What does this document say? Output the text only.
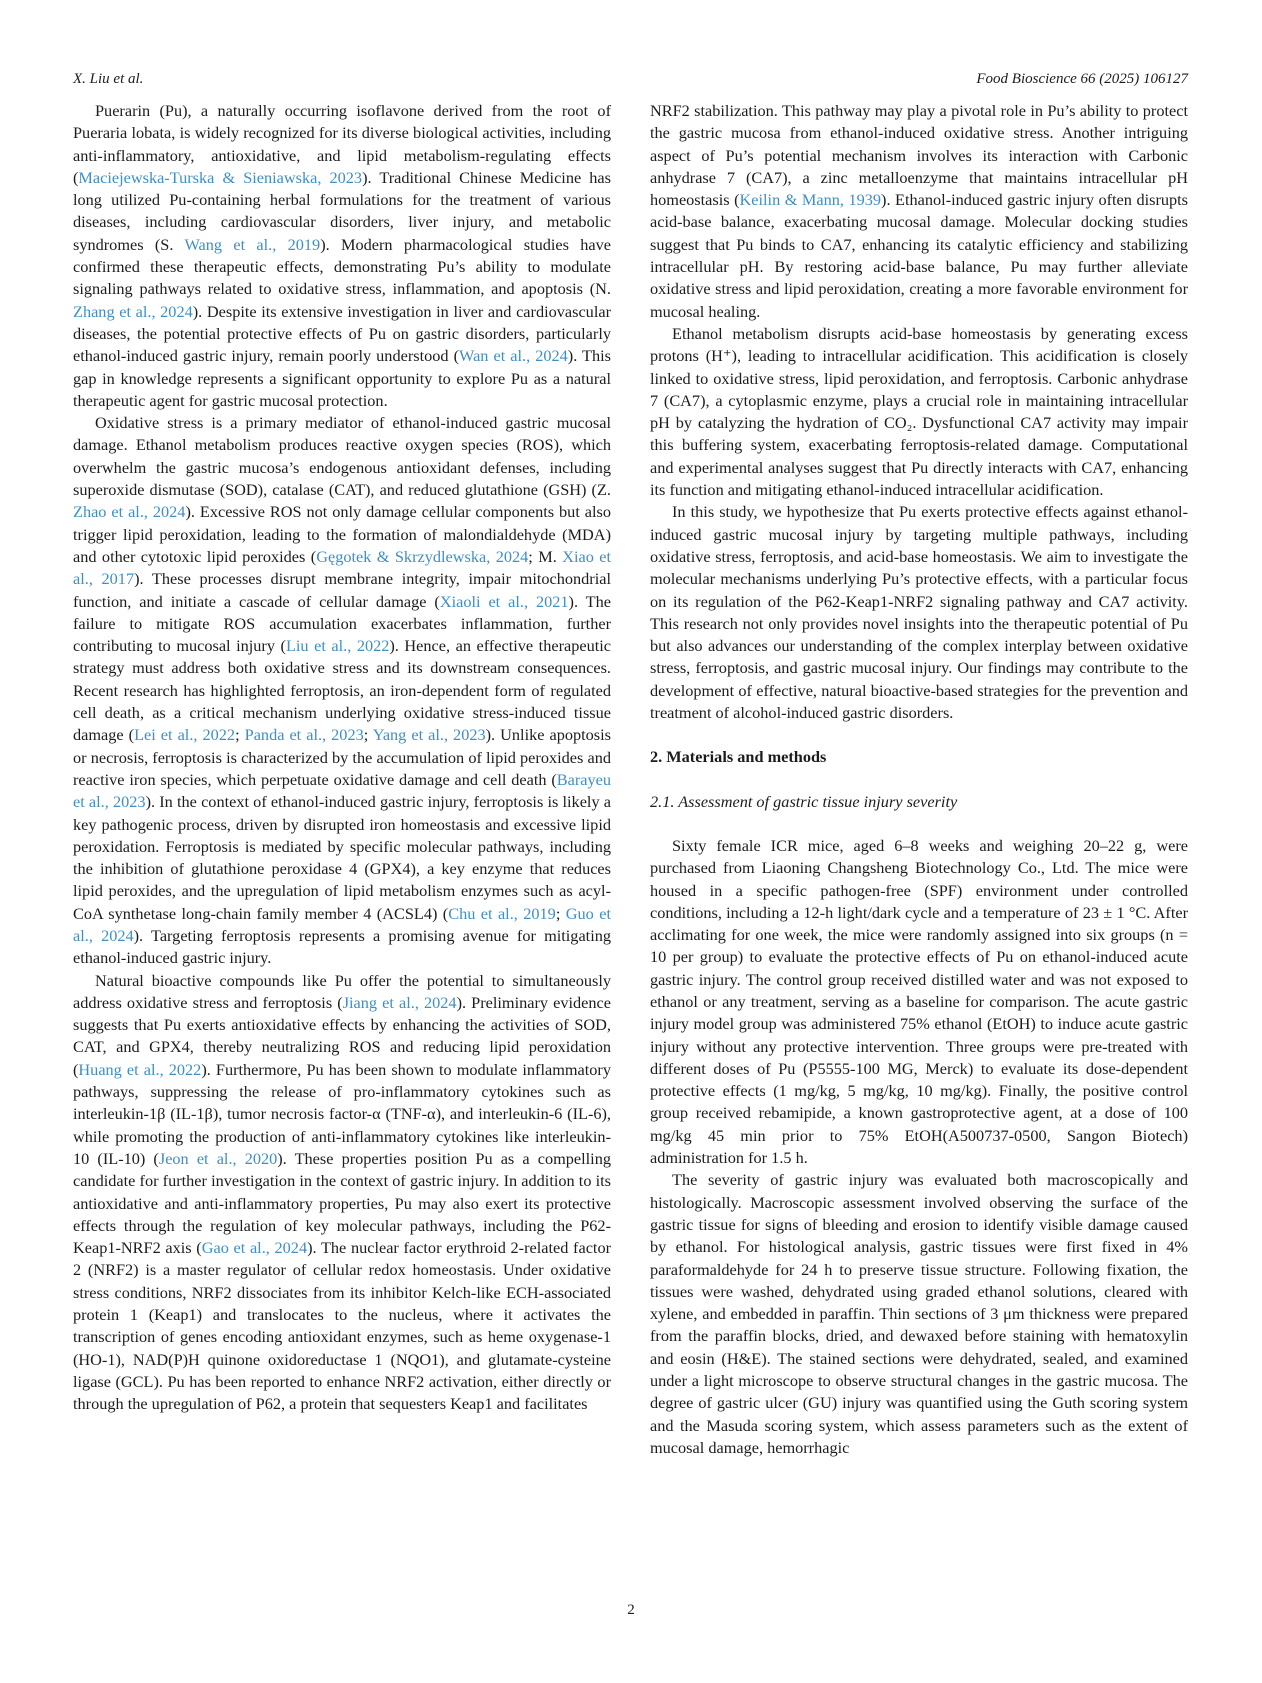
X. Liu et al.	Food Bioscience 66 (2025) 106127

Puerarin (Pu), a naturally occurring isoflavone derived from the root of Pueraria lobata, is widely recognized for its diverse biological activities, including anti-inflammatory, antioxidative, and lipid metabolism-regulating effects (Maciejewska-Turska & Sieniawska, 2023). Traditional Chinese Medicine has long utilized Pu-containing herbal formulations for the treatment of various diseases, including cardiovascular disorders, liver injury, and metabolic syndromes (S. Wang et al., 2019). Modern pharmacological studies have confirmed these therapeutic effects, demonstrating Pu’s ability to modulate signaling pathways related to oxidative stress, inflammation, and apoptosis (N. Zhang et al., 2024). Despite its extensive investigation in liver and cardiovascular diseases, the potential protective effects of Pu on gastric disorders, particularly ethanol-induced gastric injury, remain poorly understood (Wan et al., 2024). This gap in knowledge represents a significant opportunity to explore Pu as a natural therapeutic agent for gastric mucosal protection.

Oxidative stress is a primary mediator of ethanol-induced gastric mucosal damage. Ethanol metabolism produces reactive oxygen species (ROS), which overwhelm the gastric mucosa’s endogenous antioxidant defenses, including superoxide dismutase (SOD), catalase (CAT), and reduced glutathione (GSH) (Z. Zhao et al., 2024). Excessive ROS not only damage cellular components but also trigger lipid peroxidation, leading to the formation of malondialdehyde (MDA) and other cytotoxic lipid peroxides (Gęgotek & Skrzydlewska, 2024; M. Xiao et al., 2017). These processes disrupt membrane integrity, impair mitochondrial function, and initiate a cascade of cellular damage (Xiaoli et al., 2021). The failure to mitigate ROS accumulation exacerbates inflammation, further contributing to mucosal injury (Liu et al., 2022). Hence, an effective therapeutic strategy must address both oxidative stress and its downstream consequences. Recent research has highlighted ferroptosis, an iron-dependent form of regulated cell death, as a critical mechanism underlying oxidative stress-induced tissue damage (Lei et al., 2022; Panda et al., 2023; Yang et al., 2023). Unlike apoptosis or necrosis, ferroptosis is characterized by the accumulation of lipid peroxides and reactive iron species, which perpetuate oxidative damage and cell death (Barayeu et al., 2023). In the context of ethanol-induced gastric injury, ferroptosis is likely a key pathogenic process, driven by disrupted iron homeostasis and excessive lipid peroxidation. Ferroptosis is mediated by specific molecular pathways, including the inhibition of glutathione peroxidase 4 (GPX4), a key enzyme that reduces lipid peroxides, and the upregulation of lipid metabolism enzymes such as acyl-CoA synthetase long-chain family member 4 (ACSL4) (Chu et al., 2019; Guo et al., 2024). Targeting ferroptosis represents a promising avenue for mitigating ethanol-induced gastric injury.

Natural bioactive compounds like Pu offer the potential to simultaneously address oxidative stress and ferroptosis (Jiang et al., 2024). Preliminary evidence suggests that Pu exerts antioxidative effects by enhancing the activities of SOD, CAT, and GPX4, thereby neutralizing ROS and reducing lipid peroxidation (Huang et al., 2022). Furthermore, Pu has been shown to modulate inflammatory pathways, suppressing the release of pro-inflammatory cytokines such as interleukin-1β (IL-1β), tumor necrosis factor-α (TNF-α), and interleukin-6 (IL-6), while promoting the production of anti-inflammatory cytokines like interleukin-10 (IL-10) (Jeon et al., 2020). These properties position Pu as a compelling candidate for further investigation in the context of gastric injury. In addition to its antioxidative and anti-inflammatory properties, Pu may also exert its protective effects through the regulation of key molecular pathways, including the P62-Keap1-NRF2 axis (Gao et al., 2024). The nuclear factor erythroid 2-related factor 2 (NRF2) is a master regulator of cellular redox homeostasis. Under oxidative stress conditions, NRF2 dissociates from its inhibitor Kelch-like ECH-associated protein 1 (Keap1) and translocates to the nucleus, where it activates the transcription of genes encoding antioxidant enzymes, such as heme oxygenase-1 (HO-1), NAD(P)H quinone oxidoreductase 1 (NQO1), and glutamate-cysteine ligase (GCL). Pu has been reported to enhance NRF2 activation, either directly or through the upregulation of P62, a protein that sequesters Keap1 and facilitates

NRF2 stabilization. This pathway may play a pivotal role in Pu’s ability to protect the gastric mucosa from ethanol-induced oxidative stress. Another intriguing aspect of Pu’s potential mechanism involves its interaction with Carbonic anhydrase 7 (CA7), a zinc metalloenzyme that maintains intracellular pH homeostasis (Keilin & Mann, 1939). Ethanol-induced gastric injury often disrupts acid-base balance, exacerbating mucosal damage. Molecular docking studies suggest that Pu binds to CA7, enhancing its catalytic efficiency and stabilizing intracellular pH. By restoring acid-base balance, Pu may further alleviate oxidative stress and lipid peroxidation, creating a more favorable environment for mucosal healing.

Ethanol metabolism disrupts acid-base homeostasis by generating excess protons (H⁺), leading to intracellular acidification. This acidification is closely linked to oxidative stress, lipid peroxidation, and ferroptosis. Carbonic anhydrase 7 (CA7), a cytoplasmic enzyme, plays a crucial role in maintaining intracellular pH by catalyzing the hydration of CO₂. Dysfunctional CA7 activity may impair this buffering system, exacerbating ferroptosis-related damage. Computational and experimental analyses suggest that Pu directly interacts with CA7, enhancing its function and mitigating ethanol-induced intracellular acidification.

In this study, we hypothesize that Pu exerts protective effects against ethanol-induced gastric mucosal injury by targeting multiple pathways, including oxidative stress, ferroptosis, and acid-base homeostasis. We aim to investigate the molecular mechanisms underlying Pu’s protective effects, with a particular focus on its regulation of the P62-Keap1-NRF2 signaling pathway and CA7 activity. This research not only provides novel insights into the therapeutic potential of Pu but also advances our understanding of the complex interplay between oxidative stress, ferroptosis, and gastric mucosal injury. Our findings may contribute to the development of effective, natural bioactive-based strategies for the prevention and treatment of alcohol-induced gastric disorders.

2. Materials and methods
2.1. Assessment of gastric tissue injury severity

Sixty female ICR mice, aged 6–8 weeks and weighing 20–22 g, were purchased from Liaoning Changsheng Biotechnology Co., Ltd. The mice were housed in a specific pathogen-free (SPF) environment under controlled conditions, including a 12-h light/dark cycle and a temperature of 23 ± 1 °C. After acclimating for one week, the mice were randomly assigned into six groups (n = 10 per group) to evaluate the protective effects of Pu on ethanol-induced acute gastric injury. The control group received distilled water and was not exposed to ethanol or any treatment, serving as a baseline for comparison. The acute gastric injury model group was administered 75% ethanol (EtOH) to induce acute gastric injury without any protective intervention. Three groups were pre-treated with different doses of Pu (P5555-100 MG, Merck) to evaluate its dose-dependent protective effects (1 mg/kg, 5 mg/kg, 10 mg/kg). Finally, the positive control group received rebamipide, a known gastroprotective agent, at a dose of 100 mg/kg 45 min prior to 75% EtOH(A500737-0500, Sangon Biotech) administration for 1.5 h.

The severity of gastric injury was evaluated both macroscopically and histologically. Macroscopic assessment involved observing the surface of the gastric tissue for signs of bleeding and erosion to identify visible damage caused by ethanol. For histological analysis, gastric tissues were first fixed in 4% paraformaldehyde for 24 h to preserve tissue structure. Following fixation, the tissues were washed, dehydrated using graded ethanol solutions, cleared with xylene, and embedded in paraffin. Thin sections of 3 μm thickness were prepared from the paraffin blocks, dried, and dewaxed before staining with hematoxylin and eosin (H&E). The stained sections were dehydrated, sealed, and examined under a light microscope to observe structural changes in the gastric mucosa. The degree of gastric ulcer (GU) injury was quantified using the Guth scoring system and the Masuda scoring system, which assess parameters such as the extent of mucosal damage, hemorrhagic

2
